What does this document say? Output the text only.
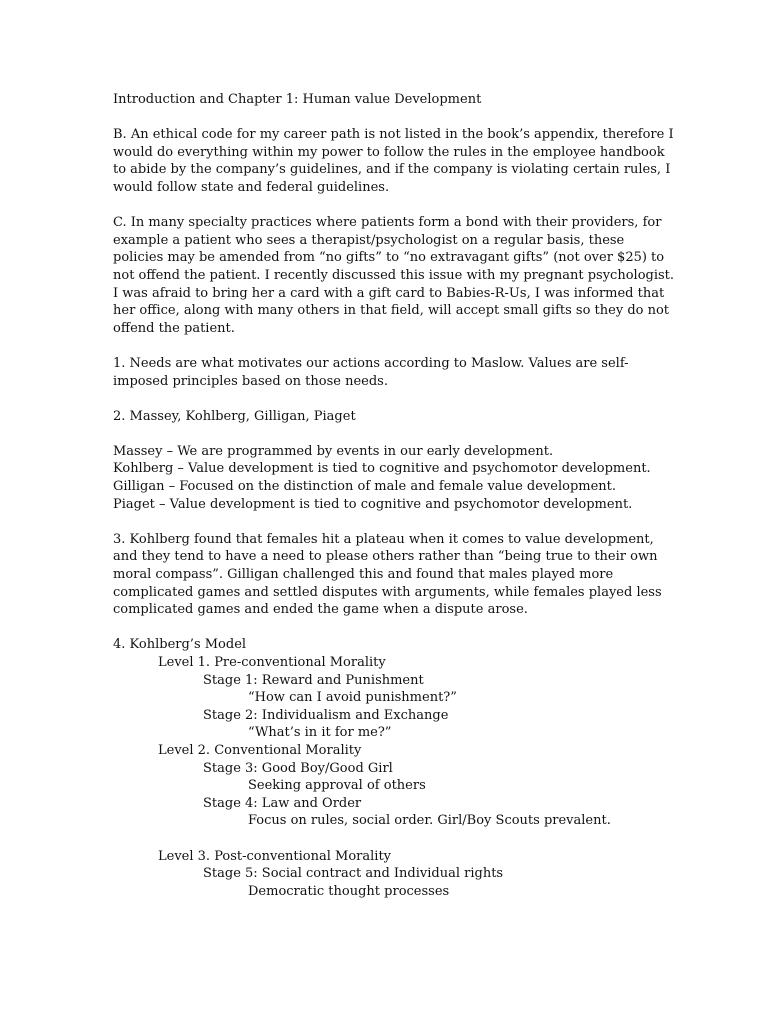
Introduction and Chapter 1: Human value Development
B. An ethical code for my career path is not listed in the book’s appendix, therefore I
would do everything within my power to follow the rules in the employee handbook
to abide by the company’s guidelines, and if the company is violating certain rules, I
would follow state and federal guidelines.
C. In many specialty practices where patients form a bond with their providers, for
example a patient who sees a therapist/psychologist on a regular basis, these
policies may be amended from “no gifts” to “no extravagant gifts” (not over $25) to
not offend the patient. I recently discussed this issue with my pregnant psychologist.
I was afraid to bring her a card with a gift card to Babies-R-Us, I was informed that
her office, along with many others in that field, will accept small gifts so they do not
offend the patient.
1. Needs are what motivates our actions according to Maslow. Values are self-
imposed principles based on those needs.
2. Massey, Kohlberg, Gilligan, Piaget
Massey – We are programmed by events in our early development.
Kohlberg – Value development is tied to cognitive and psychomotor development.
Gilligan – Focused on the distinction of male and female value development.
Piaget – Value development is tied to cognitive and psychomotor development.
3. Kohlberg found that females hit a plateau when it comes to value development,
and they tend to have a need to please others rather than “being true to their own
moral compass”. Gilligan challenged this and found that males played more
complicated games and settled disputes with arguments, while females played less
complicated games and ended the game when a dispute arose.
4. Kohlberg’s Model
Level 1. Pre-conventional Morality
Stage 1: Reward and Punishment
“How can I avoid punishment?”
Stage 2: Individualism and Exchange
“What’s in it for me?”
Level 2. Conventional Morality
Stage 3: Good Boy/Good Girl
Seeking approval of others
Stage 4: Law and Order
Focus on rules, social order. Girl/Boy Scouts prevalent.
Level 3. Post-conventional Morality
Stage 5: Social contract and Individual rights
Democratic thought processes
